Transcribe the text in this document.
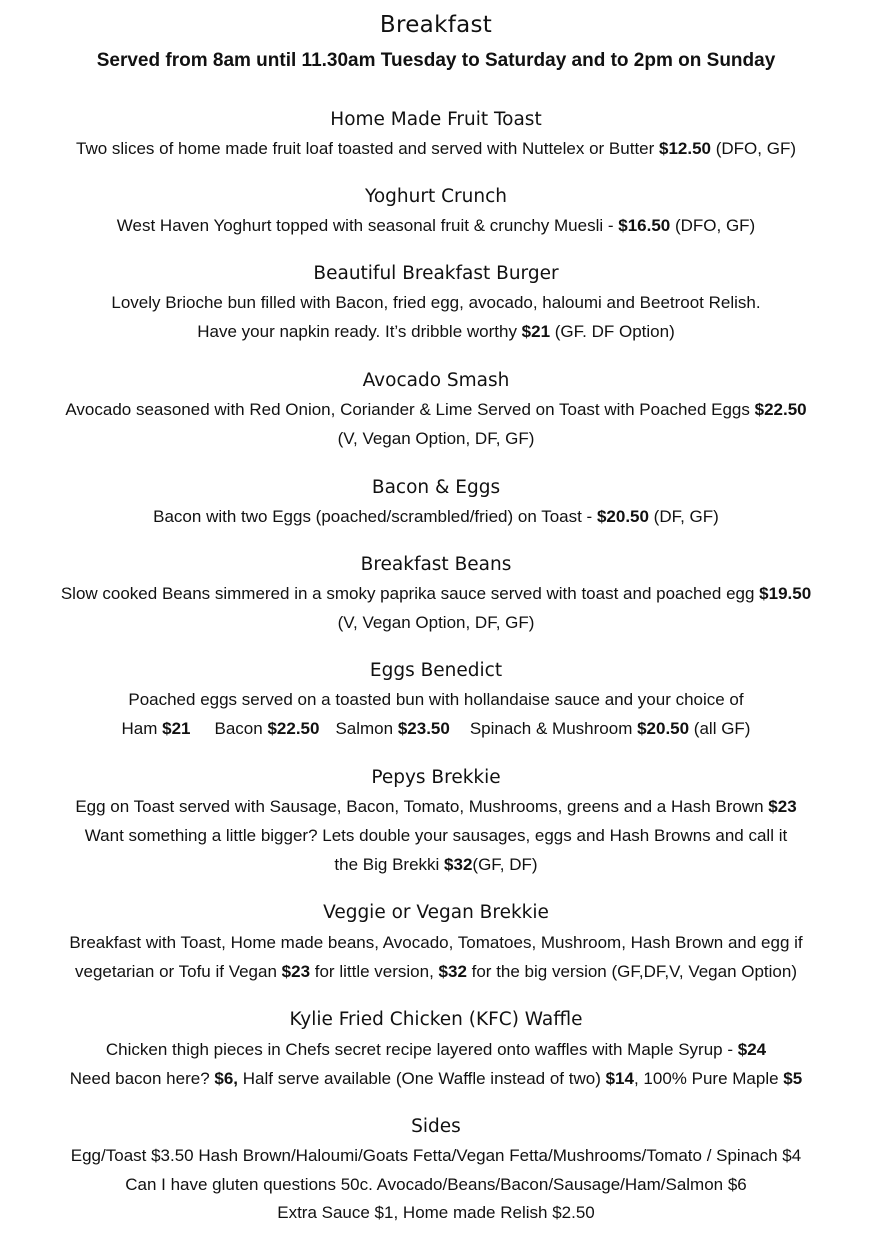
Breakfast
Served from 8am until 11.30am Tuesday to Saturday and to 2pm on Sunday
Home Made Fruit Toast
Two slices of home made fruit loaf toasted and served with Nuttelex or Butter $12.50 (DFO, GF)
Yoghurt Crunch
West Haven Yoghurt topped with seasonal fruit & crunchy Muesli - $16.50 (DFO, GF)
Beautiful Breakfast Burger
Lovely Brioche bun filled with Bacon, fried egg, avocado, haloumi and Beetroot Relish.
Have your napkin ready. It’s dribble worthy $21 (GF. DF Option)
Avocado Smash
Avocado seasoned with Red Onion, Coriander & Lime Served on Toast with Poached Eggs $22.50
(V, Vegan Option, DF, GF)
Bacon & Eggs
Bacon with two Eggs (poached/scrambled/fried) on Toast - $20.50 (DF, GF)
Breakfast Beans
Slow cooked Beans simmered in a smoky paprika sauce served with toast and poached egg $19.50
(V, Vegan Option, DF, GF)
Eggs Benedict
Poached eggs served on a toasted bun with hollandaise sauce and your choice of
Ham $21 Bacon $22.50 Salmon $23.50 Spinach & Mushroom $20.50 (all GF)
Pepys Brekkie
Egg on Toast served with Sausage, Bacon, Tomato, Mushrooms, greens and a Hash Brown $23
Want something a little bigger? Lets double your sausages, eggs and Hash Browns and call it
the Big Brekki $32(GF, DF)
Veggie or Vegan Brekkie
Breakfast with Toast, Home made beans, Avocado, Tomatoes, Mushroom, Hash Brown and egg if
vegetarian or Tofu if Vegan $23 for little version, $32 for the big version (GF,DF,V, Vegan Option)
Kylie Fried Chicken (KFC) Waffle
Chicken thigh pieces in Chefs secret recipe layered onto waffles with Maple Syrup - $24
Need bacon here? $6, Half serve available (One Waffle instead of two) $14, 100% Pure Maple $5
Sides
Egg/Toast $3.50 Hash Brown/Haloumi/Goats Fetta/Vegan Fetta/Mushrooms/Tomato / Spinach $4
Can I have gluten questions 50c. Avocado/Beans/Bacon/Sausage/Ham/Salmon $6
Extra Sauce $1, Home made Relish $2.50
